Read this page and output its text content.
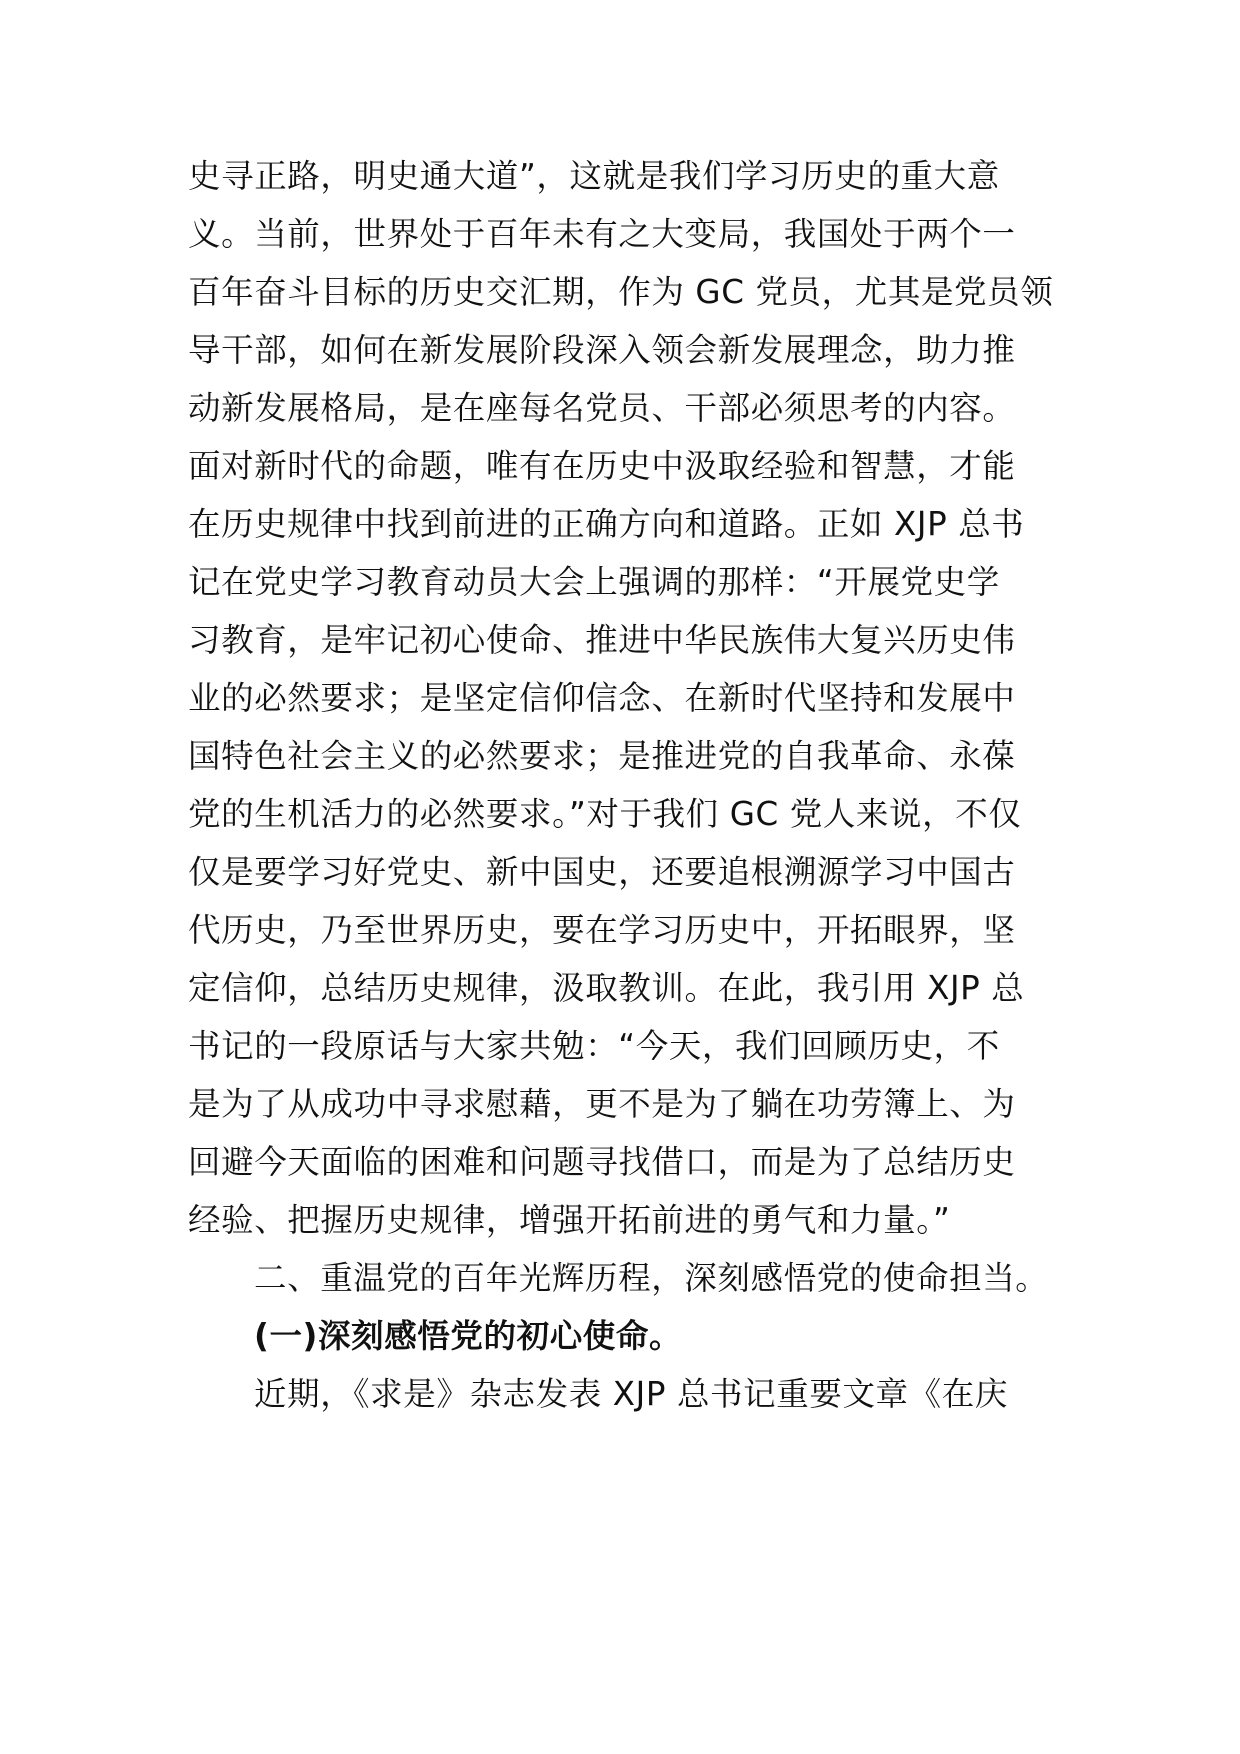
史寻正路，明史通大道”，这就是我们学习历史的重大意
义。当前，世界处于百年未有之大变局，我国处于两个一
百年奋斗目标的历史交汇期，作为 GC 党员，尤其是党员领
导干部，如何在新发展阶段深入领会新发展理念，助力推
动新发展格局，是在座每名党员、干部必须思考的内容。
面对新时代的命题，唯有在历史中汲取经验和智慧，才能
在历史规律中找到前进的正确方向和道路。正如 XJP 总书
记在党史学习教育动员大会上强调的那样：“开展党史学
习教育，是牢记初心使命、推进中华民族伟大复兴历史伟
业的必然要求；是坚定信仰信念、在新时代坚持和发展中
国特色社会主义的必然要求；是推进党的自我革命、永葆
党的生机活力的必然要求。”对于我们 GC 党人来说，不仅
仅是要学习好党史、新中国史，还要追根溯源学习中国古
代历史，乃至世界历史，要在学习历史中，开拓眼界，坚
定信仰，总结历史规律，汲取教训。在此，我引用 XJP 总
书记的一段原话与大家共勉：“今天，我们回顾历史，不
是为了从成功中寻求慰藉，更不是为了躺在功劳簿上、为
回避今天面临的困难和问题寻找借口，而是为了总结历史
经验、把握历史规律，增强开拓前进的勇气和力量。”
二、重温党的百年光辉历程，深刻感悟党的使命担当。
(一)深刻感悟党的初心使命。
近期，《求是》杂志发表 XJP 总书记重要文章《在庆
